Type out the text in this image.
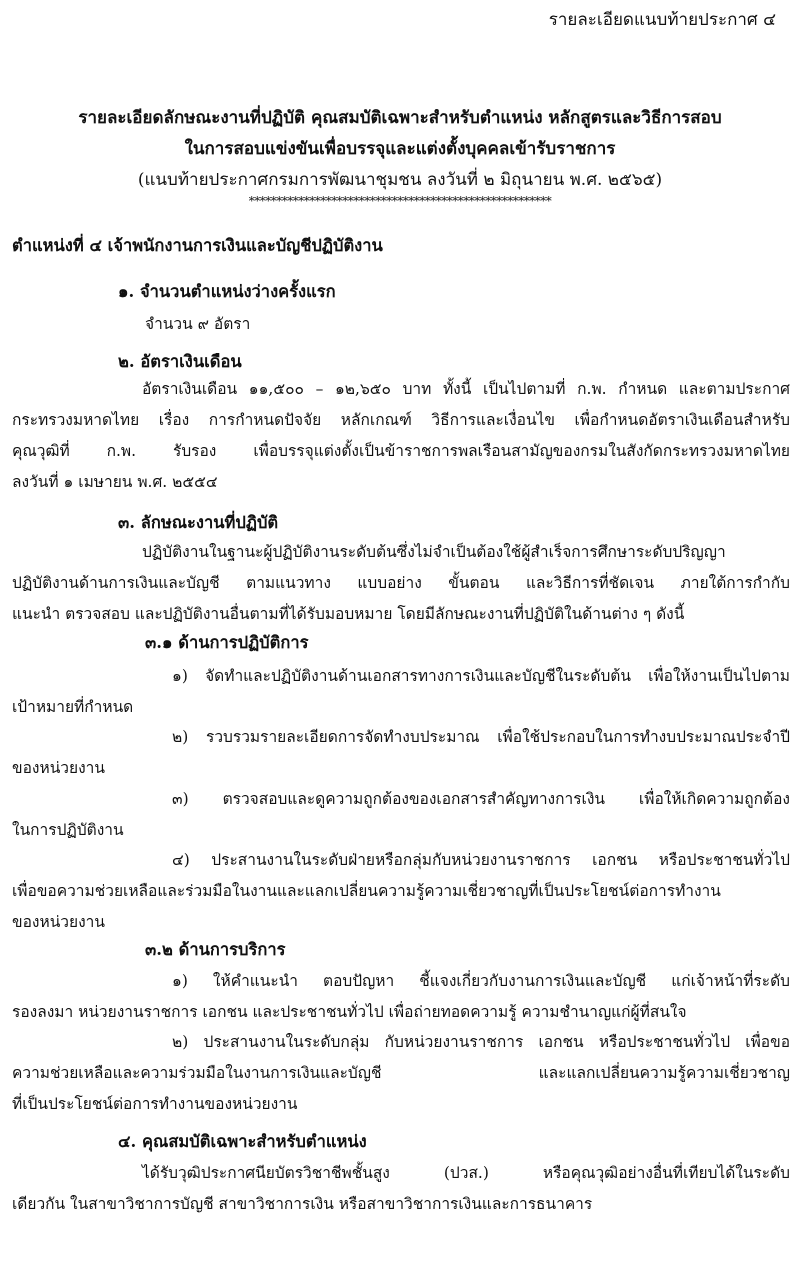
รายละเอียดแนบท้ายประกาศ ๔
รายละเอียดลักษณะงานที่ปฏิบัติ คุณสมบัติเฉพาะสำหรับตำแหน่ง หลักสูตรและวิธีการสอบ
ในการสอบแข่งขันเพื่อบรรจุและแต่งตั้งบุคคลเข้ารับราชการ
(แนบท้ายประกาศกรมการพัฒนาชุมชน ลงวันที่ ๒ มิถุนายน พ.ศ. ๒๕๖๕)
*******************************************************
ตำแหน่งที่ ๔ เจ้าพนักงานการเงินและบัญชีปฏิบัติงาน
๑. จำนวนตำแหน่งว่างครั้งแรก
จำนวน ๙ อัตรา
๒. อัตราเงินเดือน
อัตราเงินเดือน ๑๑,๕๐๐ – ๑๒,๖๕๐ บาท ทั้งนี้ เป็นไปตามที่ ก.พ. กำหนด และตามประกาศ
กระทรวงมหาดไทย เรื่อง การกำหนดปัจจัย หลักเกณฑ์ วิธีการและเงื่อนไข เพื่อกำหนดอัตราเงินเดือนสำหรับ
คุณวุฒิที่ ก.พ. รับรอง เพื่อบรรจุแต่งตั้งเป็นข้าราชการพลเรือนสามัญของกรมในสังกัดกระทรวงมหาดไทย
ลงวันที่ ๑ เมษายน พ.ศ. ๒๕๕๔
๓. ลักษณะงานที่ปฏิบัติ
ปฏิบัติงานในฐานะผู้ปฏิบัติงานระดับต้นซึ่งไม่จำเป็นต้องใช้ผู้สำเร็จการศึกษาระดับปริญญา
ปฏิบัติงานด้านการเงินและบัญชี ตามแนวทาง แบบอย่าง ขั้นตอน และวิธีการที่ชัดเจน ภายใต้การกำกับ
แนะนำ ตรวจสอบ และปฏิบัติงานอื่นตามที่ได้รับมอบหมาย โดยมีลักษณะงานที่ปฏิบัติในด้านต่าง ๆ ดังนี้
๓.๑ ด้านการปฏิบัติการ
๑) จัดทำและปฏิบัติงานด้านเอกสารทางการเงินและบัญชีในระดับต้น เพื่อให้งานเป็นไปตาม
เป้าหมายที่กำหนด
๒) รวบรวมรายละเอียดการจัดทำงบประมาณ เพื่อใช้ประกอบในการทำงบประมาณประจำปี
ของหน่วยงาน
๓) ตรวจสอบและดูความถูกต้องของเอกสารสำคัญทางการเงิน เพื่อให้เกิดความถูกต้อง
ในการปฏิบัติงาน
๔) ประสานงานในระดับฝ่ายหรือกลุ่มกับหน่วยงานราชการ เอกชน หรือประชาชนทั่วไป
เพื่อขอความช่วยเหลือและร่วมมือในงานและแลกเปลี่ยนความรู้ความเชี่ยวชาญที่เป็นประโยชน์ต่อการทำงาน
ของหน่วยงาน
๓.๒ ด้านการบริการ
๑) ให้คำแนะนำ ตอบปัญหา ชี้แจงเกี่ยวกับงานการเงินและบัญชี แก่เจ้าหน้าที่ระดับ
รองลงมา หน่วยงานราชการ เอกชน และประชาชนทั่วไป เพื่อถ่ายทอดความรู้ ความชำนาญแก่ผู้ที่สนใจ
๒) ประสานงานในระดับกลุ่ม กับหน่วยงานราชการ เอกชน หรือประชาชนทั่วไป เพื่อขอ
ความช่วยเหลือและความร่วมมือในงานการเงินและบัญชี และแลกเปลี่ยนความรู้ความเชี่ยวชาญ
ที่เป็นประโยชน์ต่อการทำงานของหน่วยงาน
๔. คุณสมบัติเฉพาะสำหรับตำแหน่ง
ได้รับวุฒิประกาศนียบัตรวิชาชีพชั้นสูง (ปวส.) หรือคุณวุฒิอย่างอื่นที่เทียบได้ในระดับ
เดียวกัน ในสาขาวิชาการบัญชี สาขาวิชาการเงิน หรือสาขาวิชาการเงินและการธนาคาร
